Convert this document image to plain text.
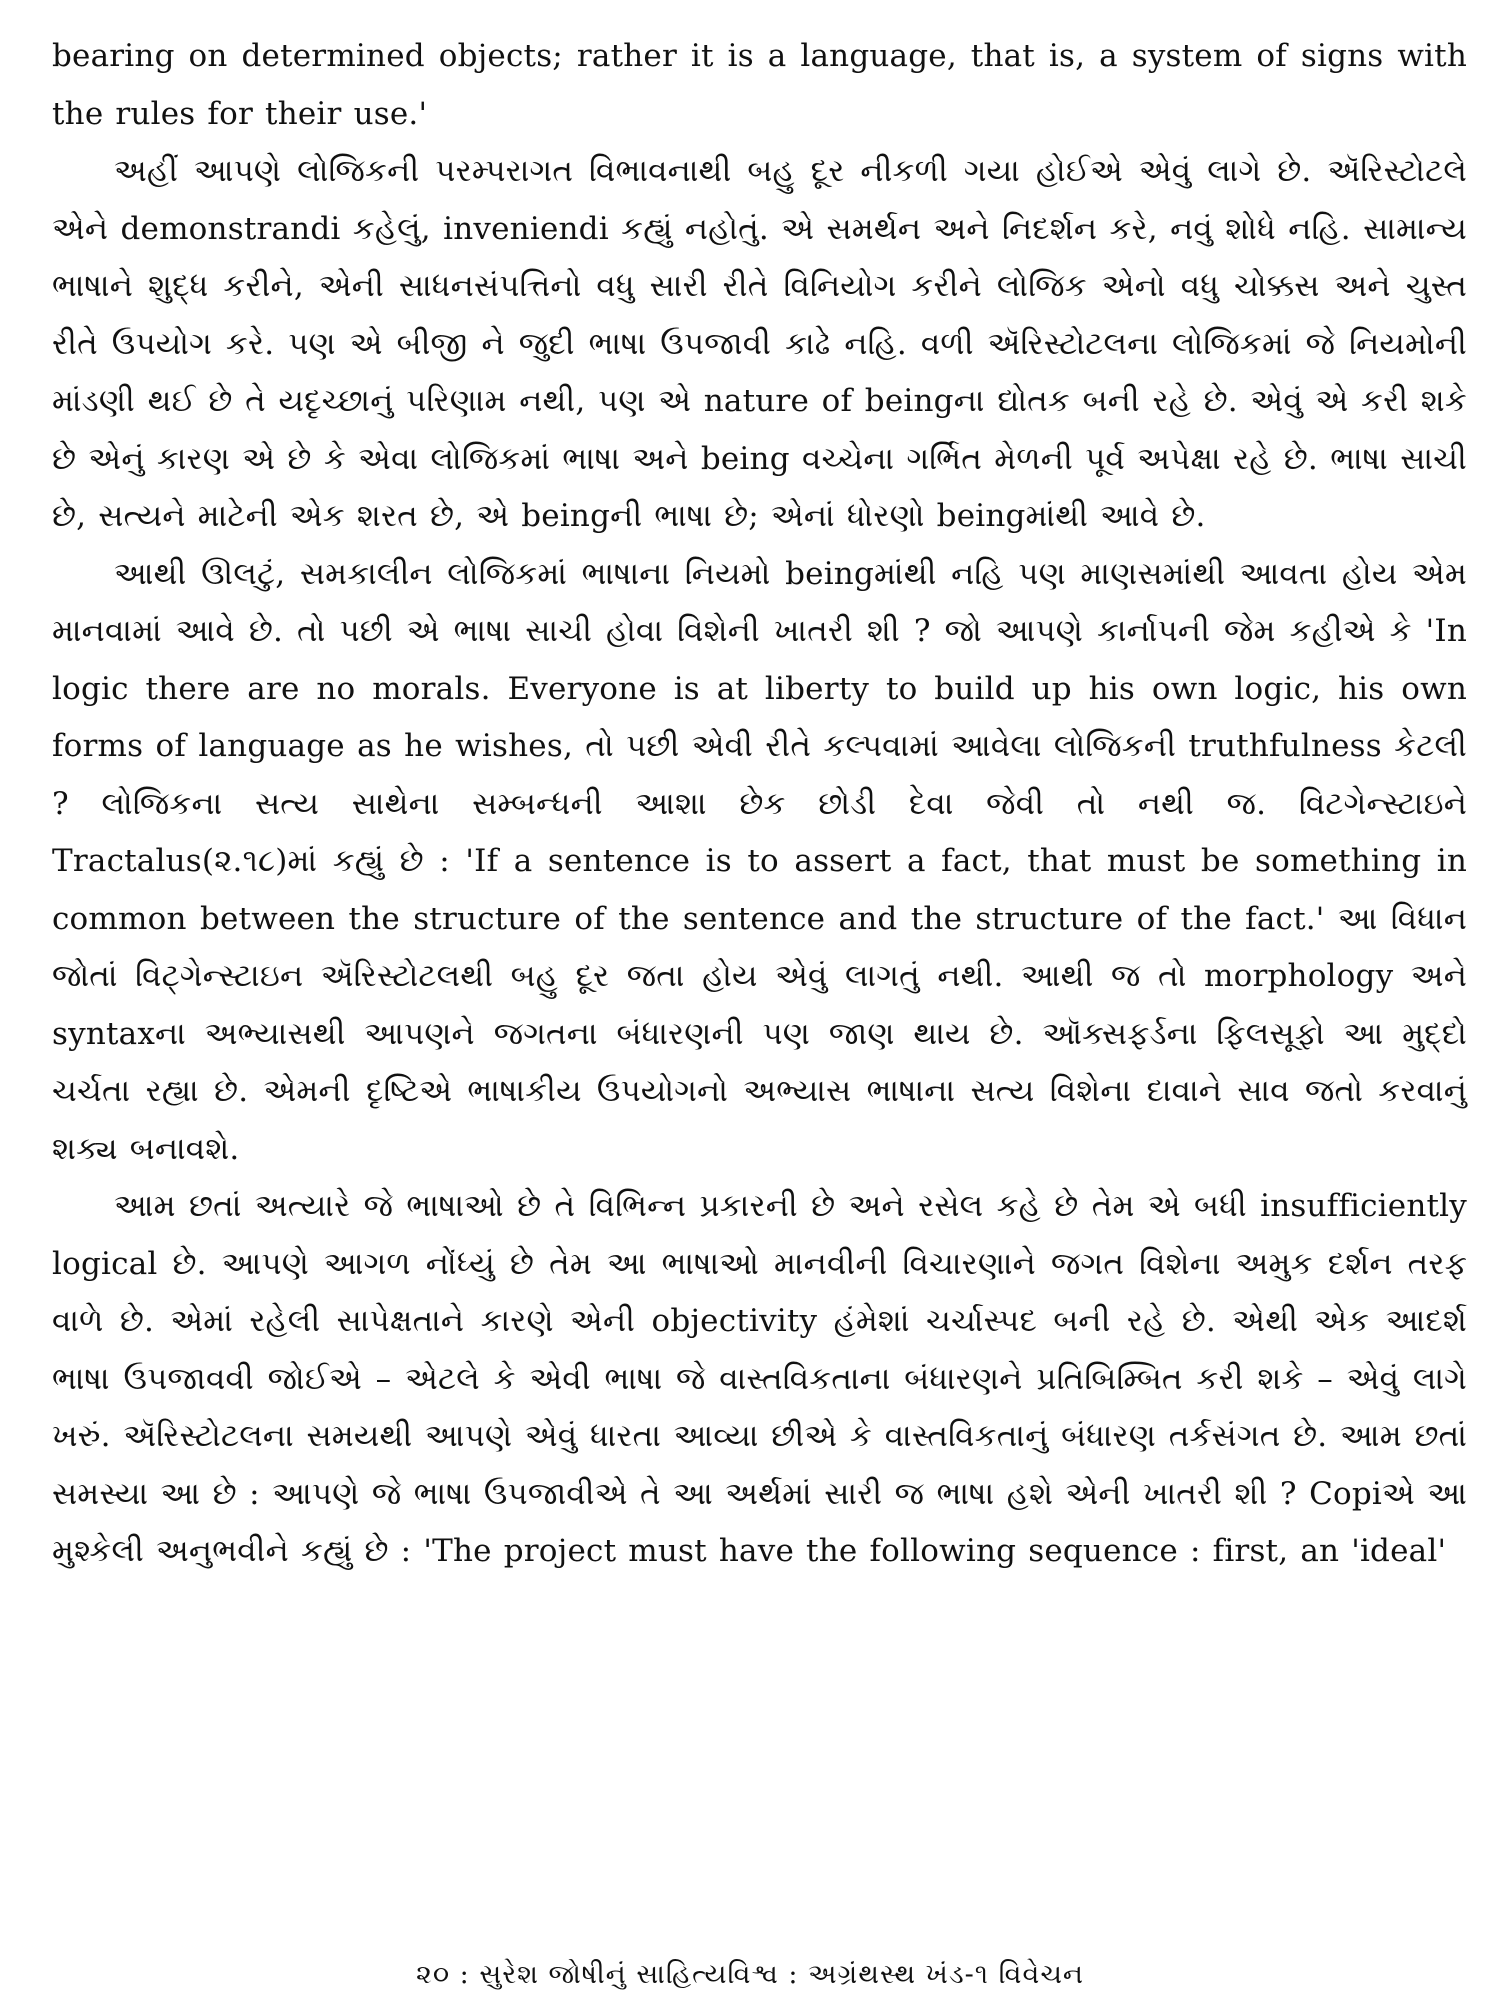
bearing on determined objects; rather it is a language, that is, a system of signs with the rules for their use.'

અહીં આપણે લોજિકની પરમ્પરાગત વિભાવનાથી બહુ દૂર નીકળી ગયા હોઈએ એવું લાગે છે. ઍરિસ્ટોટલે એને demonstrandi કહેલું, inveniendi કહ્યું નહોતું. એ સમર્થન અને નિદર્શન કરે, નવું શોધે નહિ. સામાન્ય ભાષાને શુદ્ધ કરીને, એની સાધનસંપત્તિનો વધુ સારી રીતે વિનિયોગ કરીને લોજિક એનો વધુ ચોક્કસ અને ચુસ્ત રીતે ઉપયોગ કરે. પણ એ બીજી ને જુદી ભાષા ઉપજાવી કાઢે નહિ. વળી ઍરિસ્ટોટલના લોજિકમાં જે નિયમોની માંડણી થઈ છે તે યદૃચ્છાનું પરિણામ નથી, પણ એ nature of beingના દ્યોતક બની રહે છે. એવું એ કરી શકે છે એનું કારણ એ છે કે એવા લોજિકમાં ભાષા અને being વચ્ચેના ગર્ભિત મેળની પૂર્વ અપેક્ષા રહે છે. ભાષા સાચી છે, સત્યને માટેની એક શરત છે, એ beingની ભાષા છે; એનાં ધોરણો beingમાંથી આવે છે.

આથી ઊલટું, સમકાલીન લોજિકમાં ભાષાના નિયમો beingમાંથી નહિ પણ માણસમાંથી આવતા હોય એમ માનવામાં આવે છે. તો પછી એ ભાષા સાચી હોવા વિશેની ખાતરી શી ? જો આપણે કાર્નાપની જેમ કહીએ કે 'In logic there are no morals. Everyone is at liberty to build up his own logic, his own forms of language as he wishes, તો પછી એવી રીતે કલ્પવામાં આવેલા લોજિકની truthfulness કેટલી ? લોજિકના સત્ય સાથેના સમ્બન્ધની આશા છેક છોડી દેવા જેવી તો નથી જ. વિટગેન્સ્ટાઇને Tractalus(૨.૧૮)માં કહ્યું છે : 'If a sentence is to assert a fact, that must be something in common between the structure of the sentence and the structure of the fact.' આ વિધાન જોતાં વિટ્ગેન્સ્ટાઇન ઍરિસ્ટોટલથી બહુ દૂર જતા હોય એવું લાગતું નથી. આથી જ તો morphology અને syntaxના અભ્યાસથી આપણને જગતના બંધારણની પણ જાણ થાય છે. ઑક્સફર્ડના ફિલસૂફો આ મુદ્દો ચર્ચતા રહ્યા છે. એમની દૃષ્ટિએ ભાષાકીય ઉપયોગનો અભ્યાસ ભાષાના સત્ય વિશેના દાવાને સાવ જતો કરવાનું શક્ય બનાવશે.

આમ છતાં અત્યારે જે ભાષાઓ છે તે વિભિન્ન પ્રકારની છે અને રસેલ કહે છે તેમ એ બધી insufficiently logical છે. આપણે આગળ નોંધ્યું છે તેમ આ ભાષાઓ માનવીની વિચારણાને જગત વિશેના અમુક દર્શન તરફ વાળે છે. એમાં રહેલી સાપેક્ષતાને કારણે એની objectivity હંમેશાં ચર્ચાસ્પદ બની રહે છે. એથી એક આદર્શ ભાષા ઉપજાવવી જોઈએ – એટલે કે એવી ભાષા જે વાસ્તવિકતાના બંધારણને પ્રતિબિમ્બિત કરી શકે – એવું લાગે ખરું. ઍરિસ્ટોટલના સમયથી આપણે એવું ધારતા આવ્યા છીએ કે વાસ્તવિકતાનું બંધારણ તર્કસંગત છે. આમ છતાં સમસ્યા આ છે : આપણે જે ભાષા ઉપજાવીએ તે આ અર્થમાં સારી જ ભાષા હશે એની ખાતરી શી ? Copiએ આ મુશ્કેલી અનુભવીને કહ્યું છે : 'The project must have the following sequence : first, an 'ideal'

૨૦ : સુરેશ જોષીનું સાહિત્યવિશ્વ : અગ્રંથસ્થ ખંડ-૧ વિવેચન
